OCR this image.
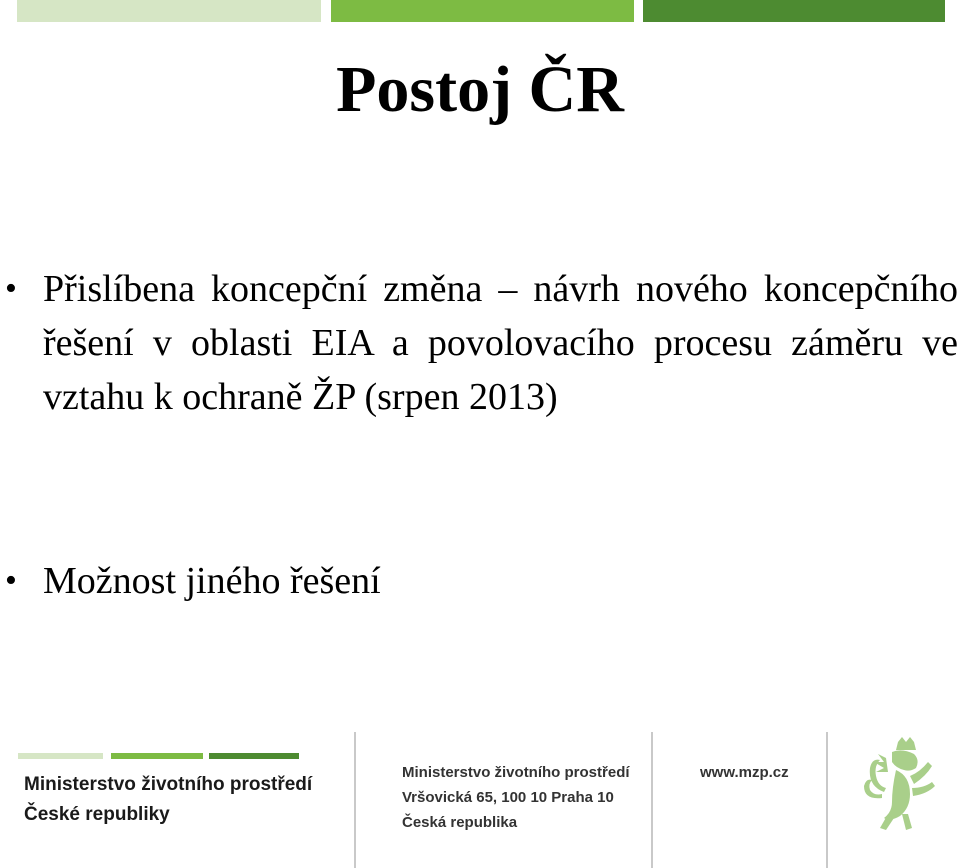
Postoj ČR
• Přislíbena koncepční změna – návrh nového koncepčního řešení v oblasti EIA a povolovacího procesu záměru ve vztahu k ochraně ŽP (srpen 2013)
• Možnost jiného řešení
Ministerstvo životního prostředí
České republiky
Ministerstvo životního prostředí
Vršovická 65, 100 10 Praha 10
Česká republika
www.mzp.cz
